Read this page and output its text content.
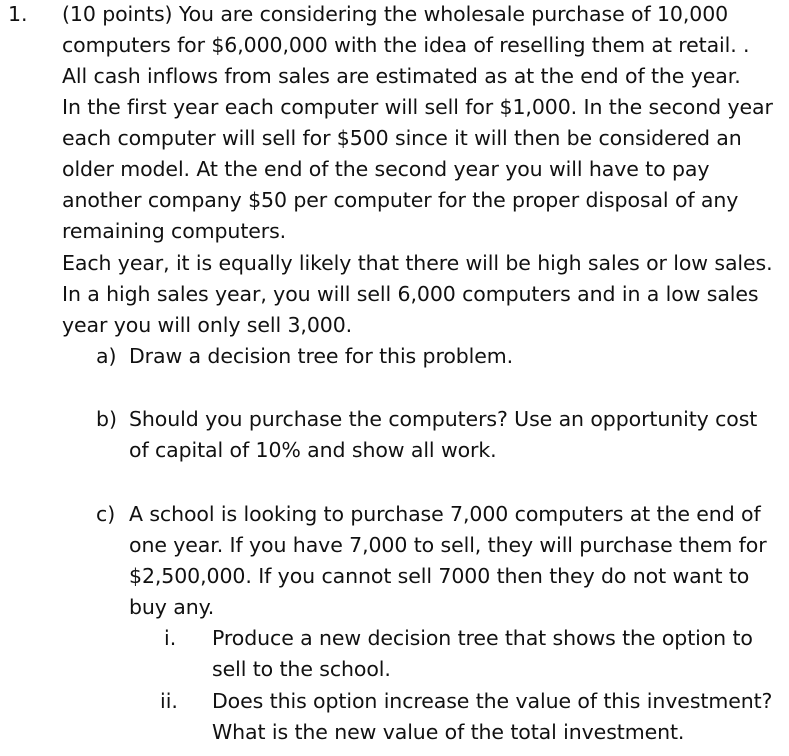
1. (10 points) You are considering the wholesale purchase of 10,000
computers for $6,000,000 with the idea of reselling them at retail. .
All cash inflows from sales are estimated as at the end of the year.
In the first year each computer will sell for $1,000. In the second year
each computer will sell for $500 since it will then be considered an
older model. At the end of the second year you will have to pay
another company $50 per computer for the proper disposal of any
remaining computers.
Each year, it is equally likely that there will be high sales or low sales.
In a high sales year, you will sell 6,000 computers and in a low sales
year you will only sell 3,000.
a) Draw a decision tree for this problem.
b) Should you purchase the computers? Use an opportunity cost
of capital of 10% and show all work.
c) A school is looking to purchase 7,000 computers at the end of
one year. If you have 7,000 to sell, they will purchase them for
$2,500,000. If you cannot sell 7000 then they do not want to
buy any.
i. Produce a new decision tree that shows the option to
sell to the school.
ii. Does this option increase the value of this investment?
What is the new value of the total investment.
